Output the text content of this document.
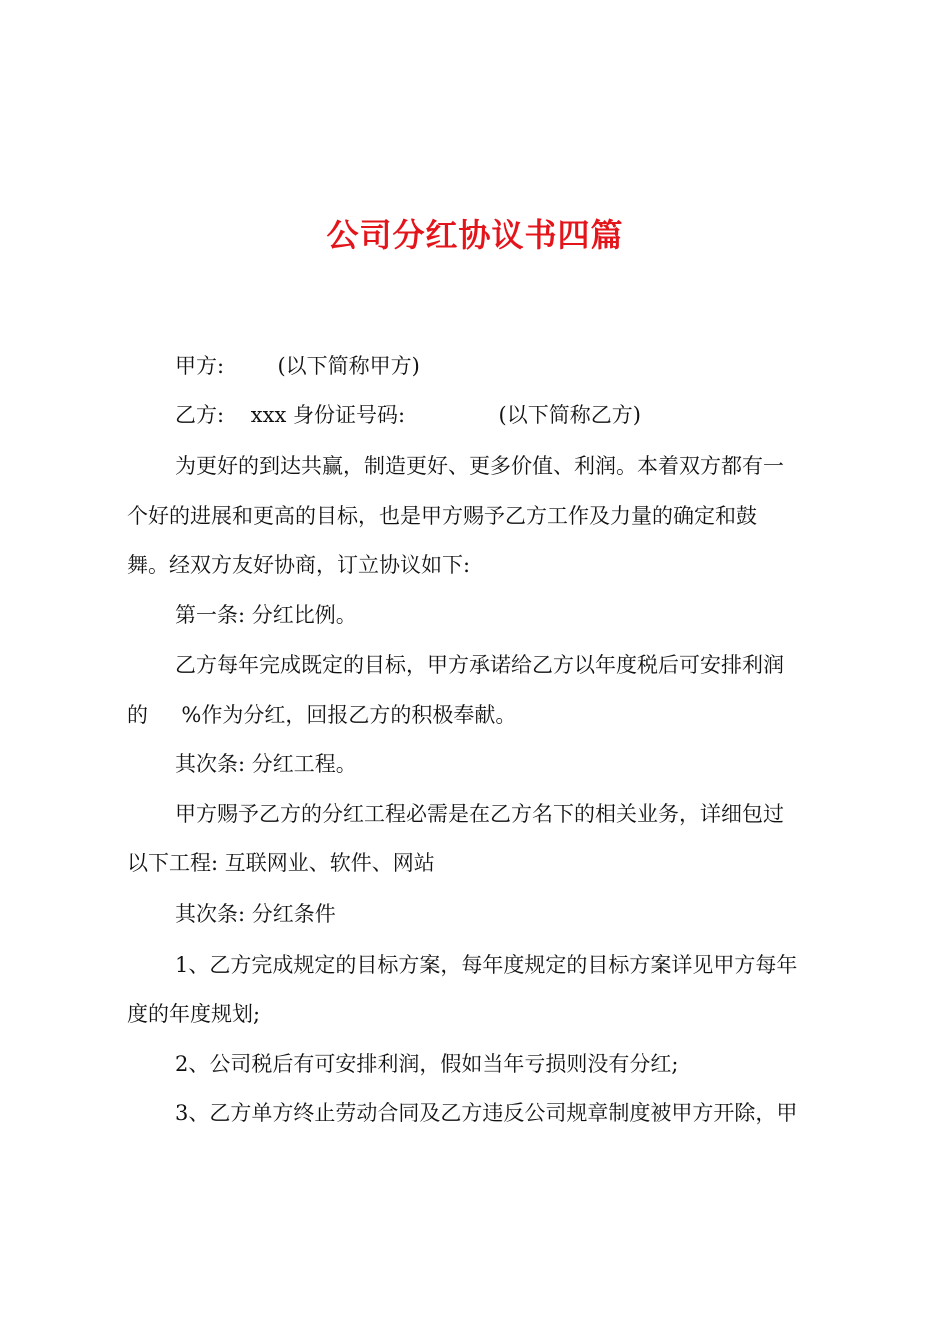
公司分红协议书四篇

甲方:        (以下简称甲方)

乙方:    xxx 身份证号码:              (以下简称乙方)

为更好的到达共赢，制造更好、更多价值、利润。本着双方都有一

个好的进展和更高的目标，也是甲方赐予乙方工作及力量的确定和鼓

舞。经双方友好协商，订立协议如下:

第一条: 分红比例。

乙方每年完成既定的目标，甲方承诺给乙方以年度税后可安排利润

的     %作为分红，回报乙方的积极奉献。

其次条: 分红工程。

甲方赐予乙方的分红工程必需是在乙方名下的相关业务，详细包过

以下工程: 互联网业、软件、网站

其次条: 分红条件

1、乙方完成规定的目标方案，每年度规定的目标方案详见甲方每年

度的年度规划;

2、公司税后有可安排利润，假如当年亏损则没有分红;

3、乙方单方终止劳动合同及乙方违反公司规章制度被甲方开除，甲
